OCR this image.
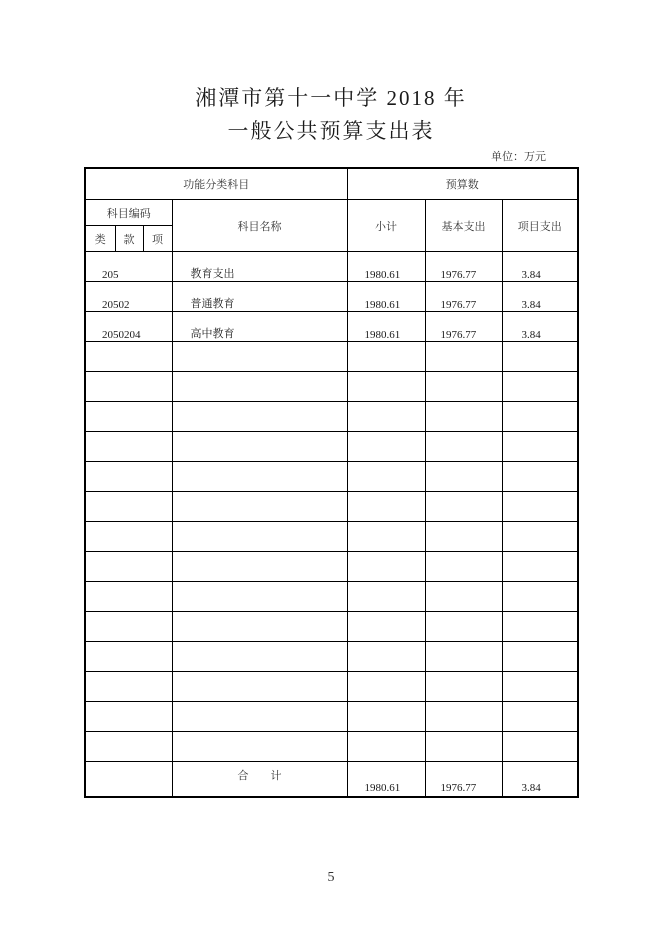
湘潭市第十一中学 2018 年
一般公共预算支出表
单位：万元
功能分类科目				预算数		
科目编码			科目名称	小计	基本支出	项目支出
类	款	项				
205			教育支出	1980.61	1976.77	3.84
20502			普通教育	1980.61	1976.77	3.84
2050204			高中教育	1980.61	1976.77	3.84

			合　　计	1980.61	1976.77	3.84
5
